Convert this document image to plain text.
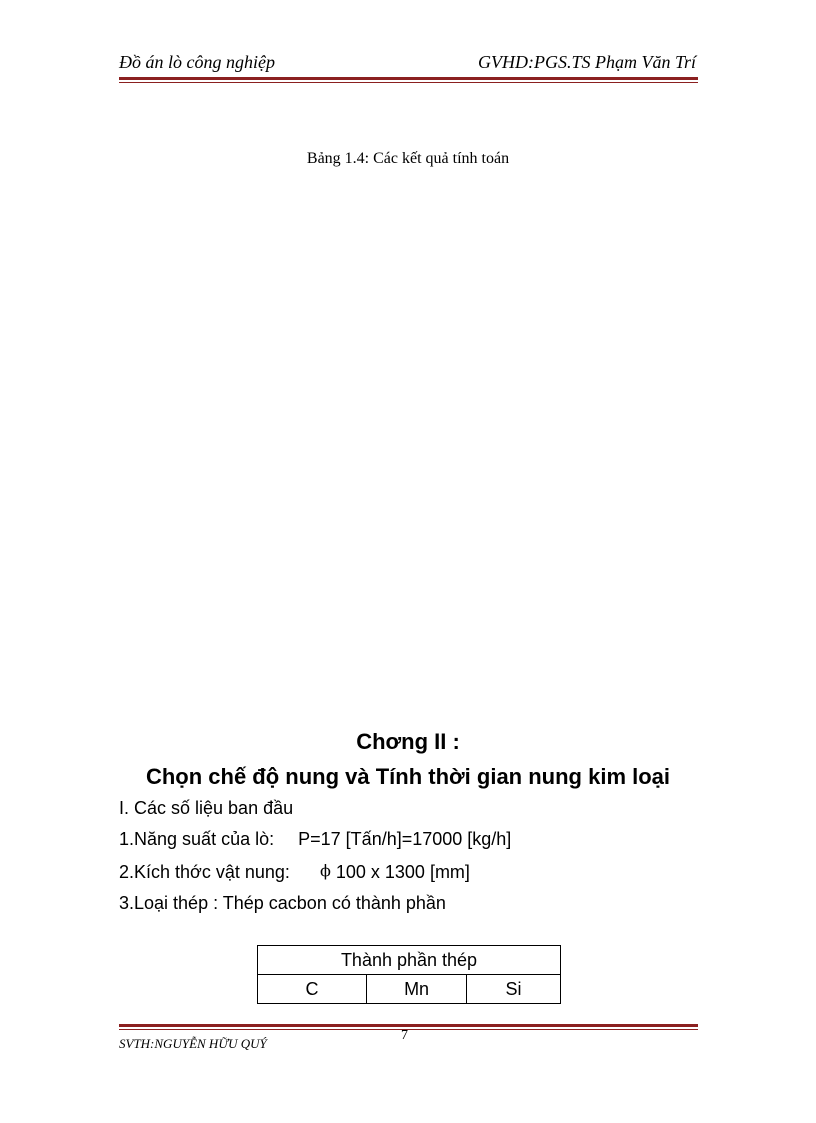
Đồ án lò công nghiệp	GVHD:PGS.TS Phạm Văn Trí
Bảng 1.4: Các kết quả tính toán
Chơng II :
Chọn chế độ nung và Tính thời gian nung kim loại
I. Các số liệu ban đầu
1.Năng suất của lò: P=17 [Tấn/h]=17000 [kg/h]
2.Kích thớc vật nung: ϕ 100 x 1300 [mm]
3.Loại thép : Thép cacbon có thành phần
Thành phần thép
C	Mn	Si
7
SVTH:NGUYỄN HỮU QUÝ
